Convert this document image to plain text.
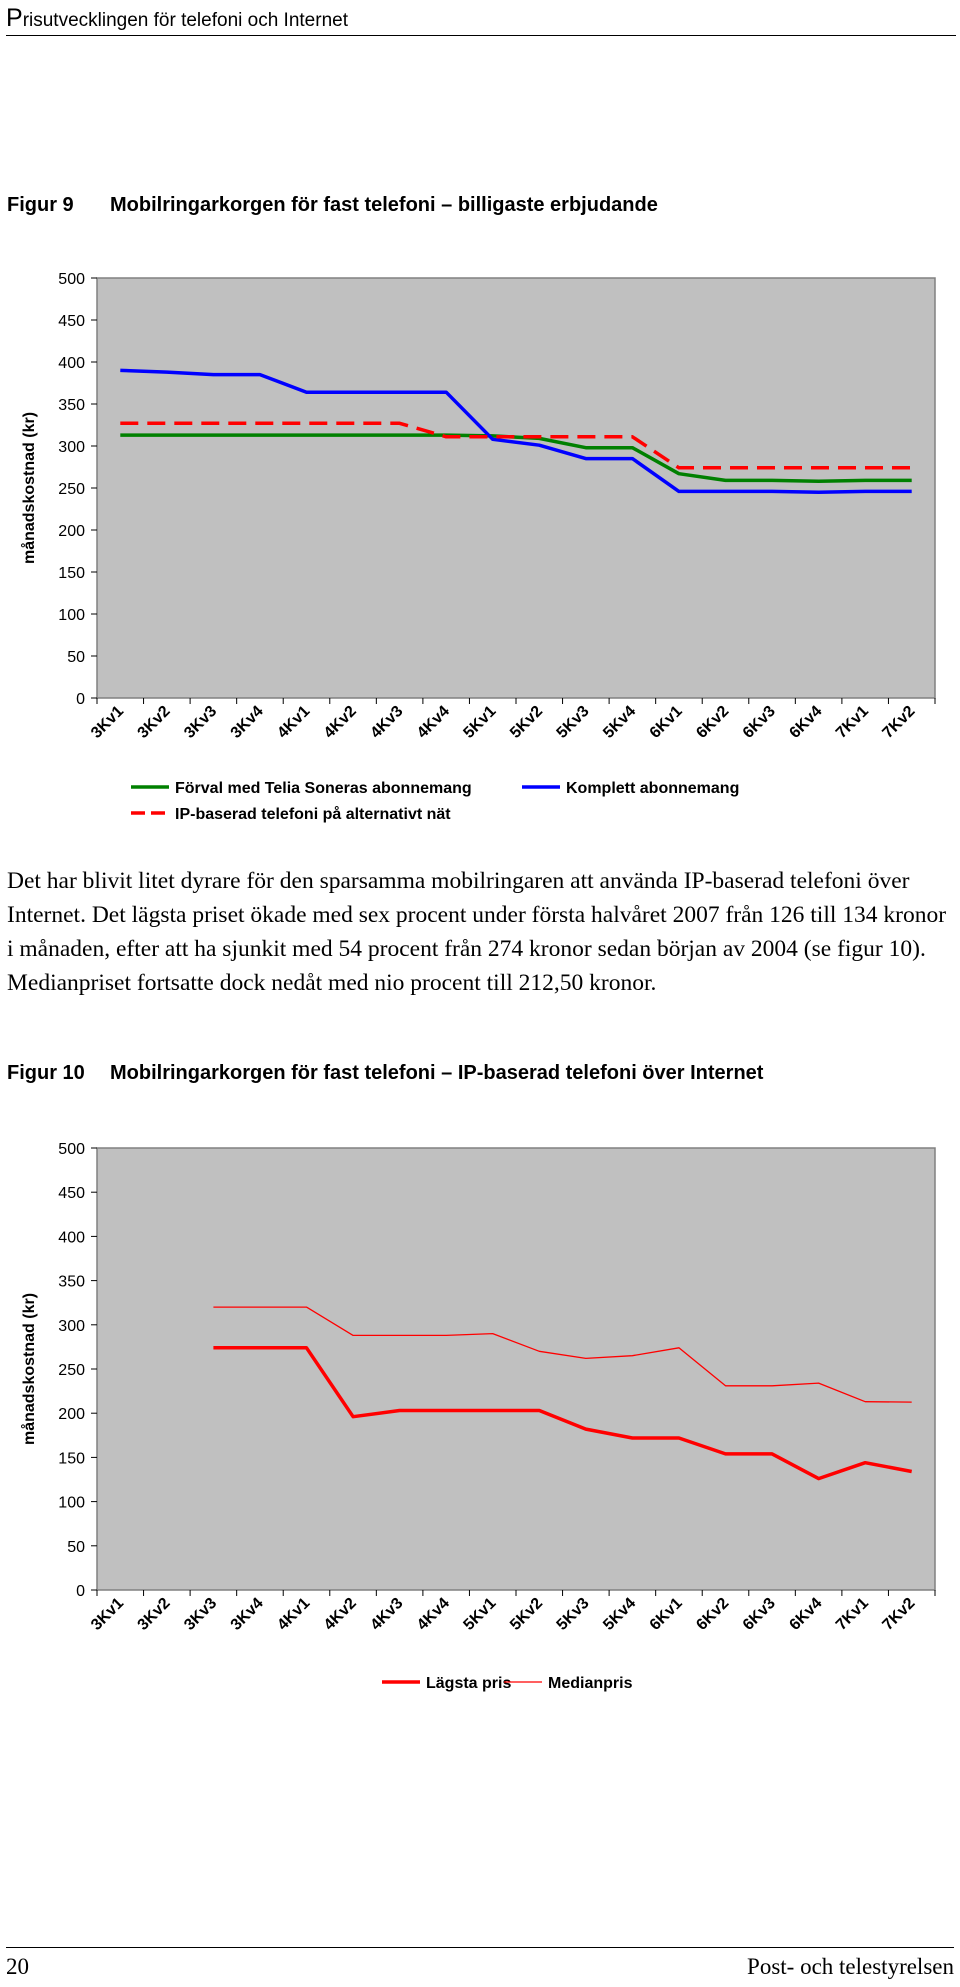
Prisutvecklingen för telefoni och Internet
Figur 9 Mobilringarkorgen för fast telefoni – billigaste erbjudande
0
50
100
150
200
250
300
350
400
450
500
3Kv1 3Kv2 3Kv3 3Kv4 4Kv1 4Kv2 4Kv3 4Kv4 5Kv1 5Kv2 5Kv3 5Kv4 6Kv1 6Kv2 6Kv3 6Kv4 7Kv1 7Kv2
månadskostnad (kr)
Förval med Telia Soneras abonnemang	Komplett abonnemang
IP-baserad telefoni på alternativt nät
Det har blivit litet dyrare för den sparsamma mobilringaren att använda IP-baserad telefoni över Internet. Det lägsta priset ökade med sex procent under första halvåret 2007 från 126 till 134 kronor i månaden, efter att ha sjunkit med 54 procent från 274 kronor sedan början av 2004 (se figur 10). Medianpriset fortsatte dock nedåt med nio procent till 212,50 kronor.
Figur 10 Mobilringarkorgen för fast telefoni – IP-baserad telefoni över Internet
0
50
100
150
200
250
300
350
400
450
500
3Kv1 3Kv2 3Kv3 3Kv4 4Kv1 4Kv2 4Kv3 4Kv4 5Kv1 5Kv2 5Kv3 5Kv4 6Kv1 6Kv2 6Kv3 6Kv4 7Kv1 7Kv2
månadskostnad (kr)
Lägsta pris Medianpris
20	Post- och telestyrelsen
